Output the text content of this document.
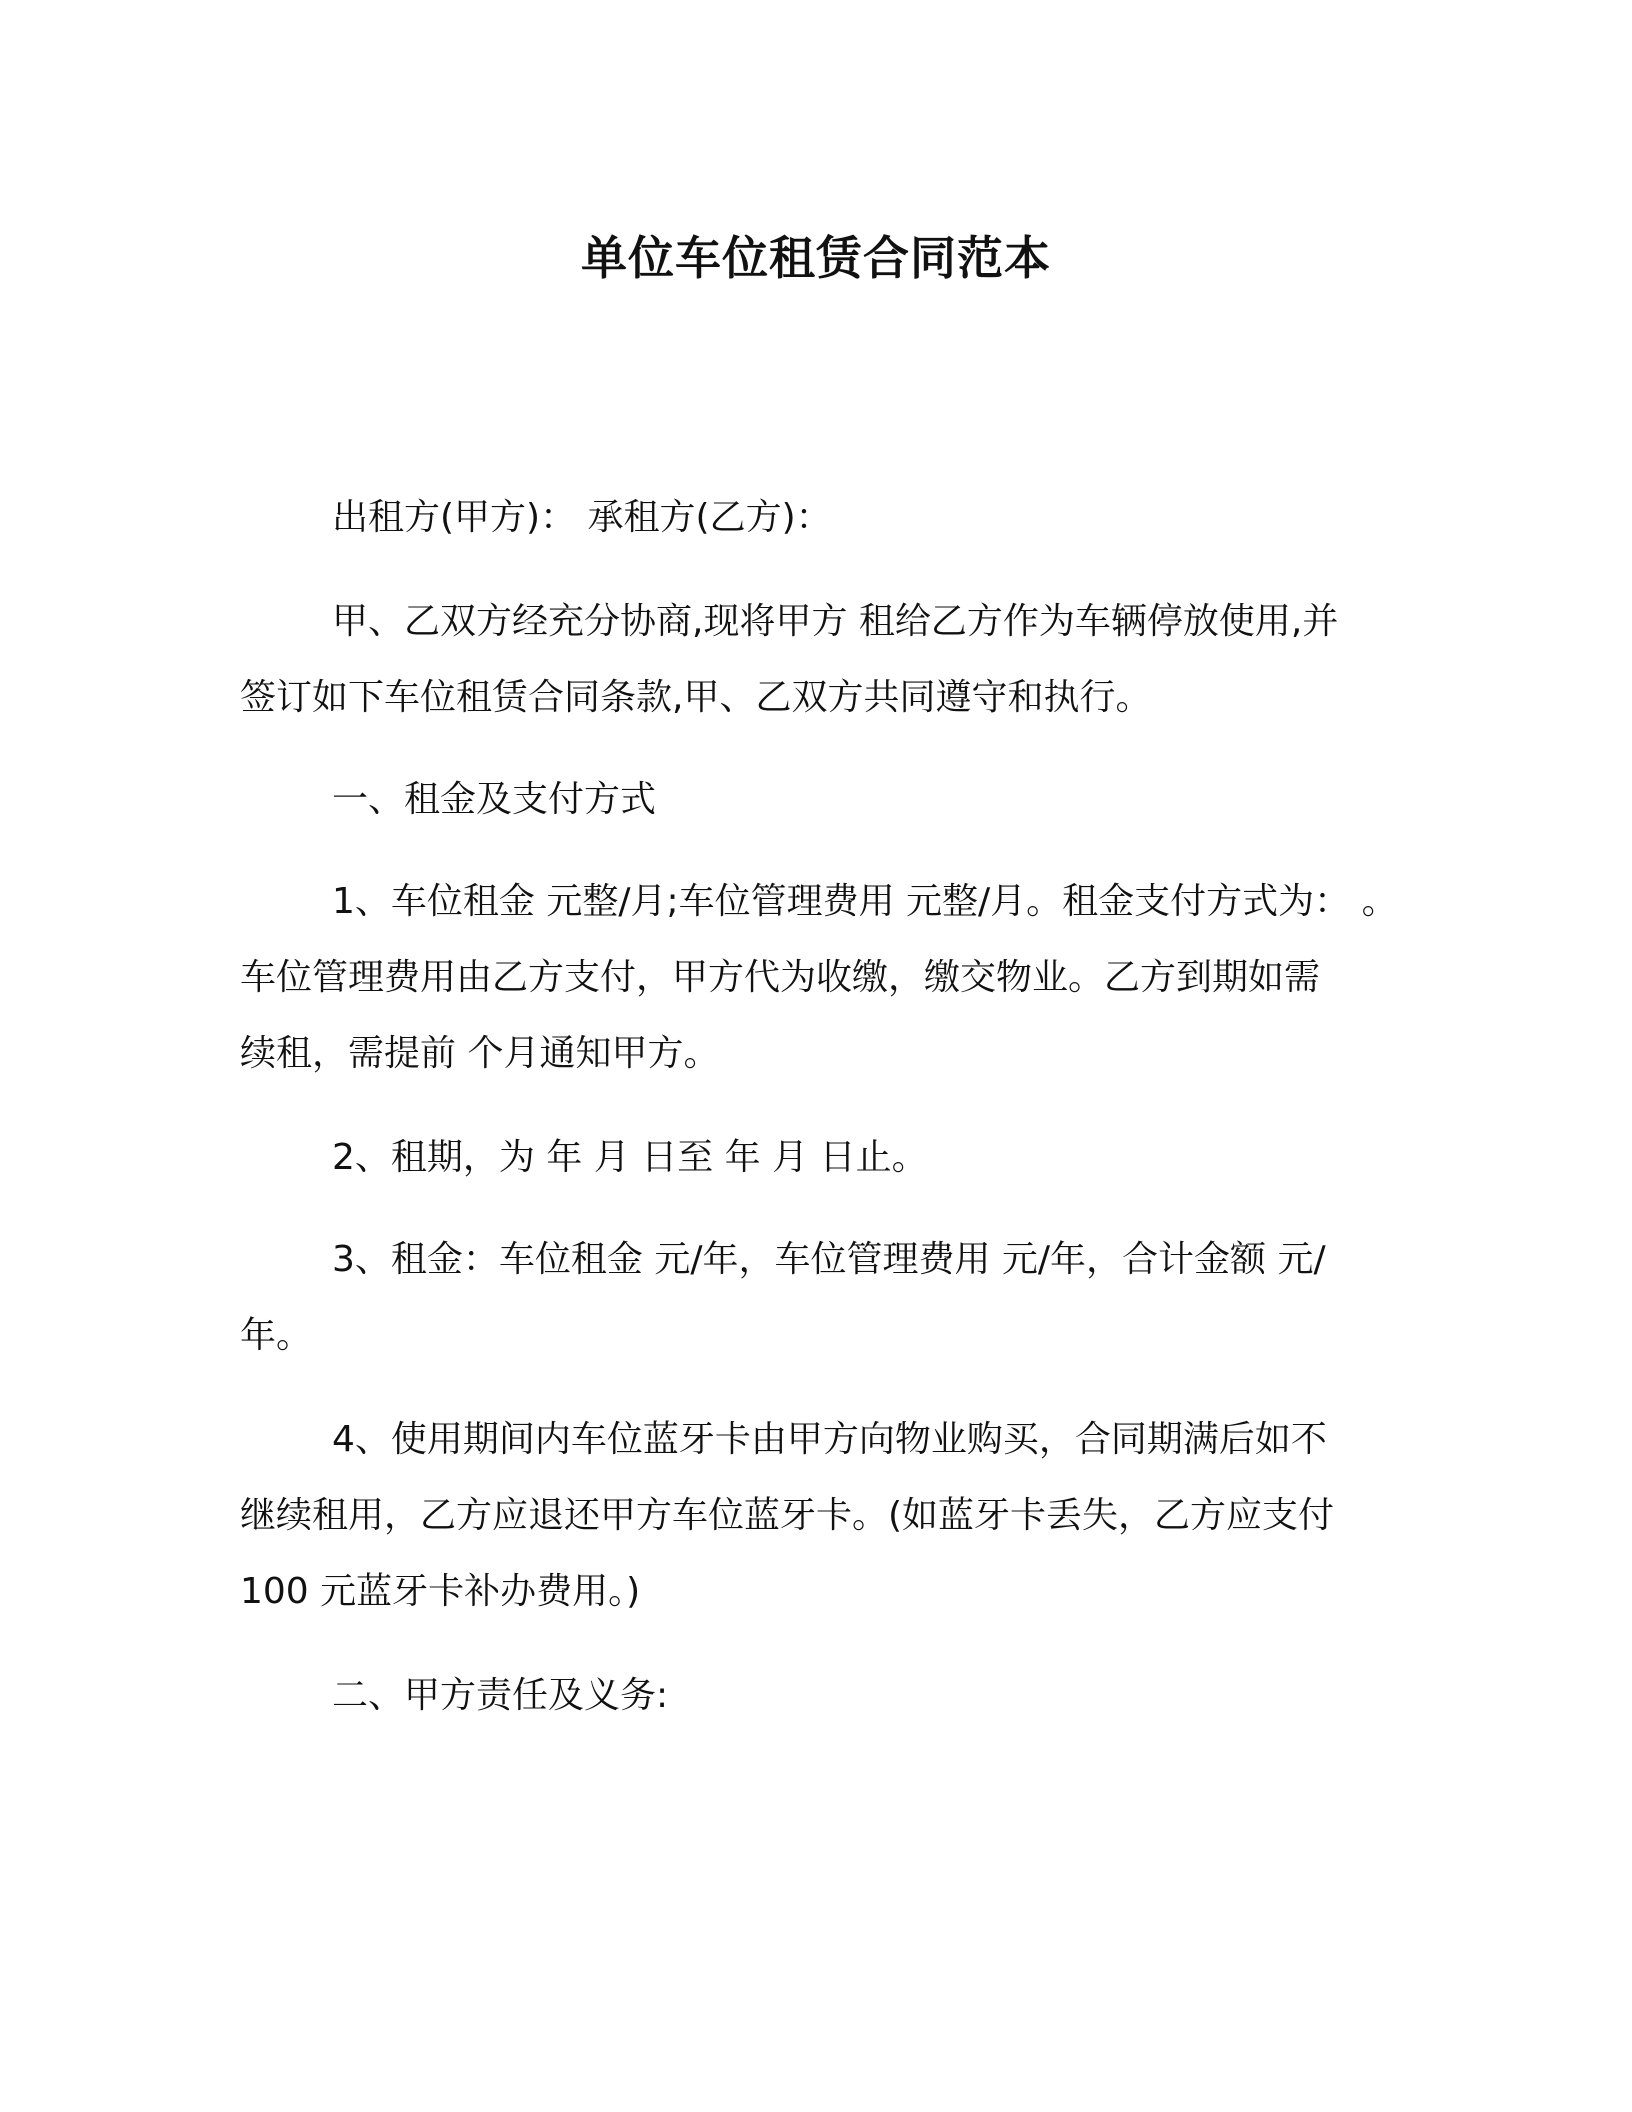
单位车位租赁合同范本
出租方(甲方)： 承租方(乙方)：
甲、乙双方经充分协商,现将甲方 租给乙方作为车辆停放使用,并
签订如下车位租赁合同条款,甲、乙双方共同遵守和执行。
一、租金及支付方式
1、车位租金 元整/月;车位管理费用 元整/月。租金支付方式为： 。
车位管理费用由乙方支付，甲方代为收缴，缴交物业。乙方到期如需
续租，需提前 个月通知甲方。
2、租期，为 年 月 日至 年 月 日止。
3、租金：车位租金 元/年，车位管理费用 元/年，合计金额 元/
年。
4、使用期间内车位蓝牙卡由甲方向物业购买，合同期满后如不
继续租用，乙方应退还甲方车位蓝牙卡。(如蓝牙卡丢失，乙方应支付
100 元蓝牙卡补办费用。)
二、甲方责任及义务:
